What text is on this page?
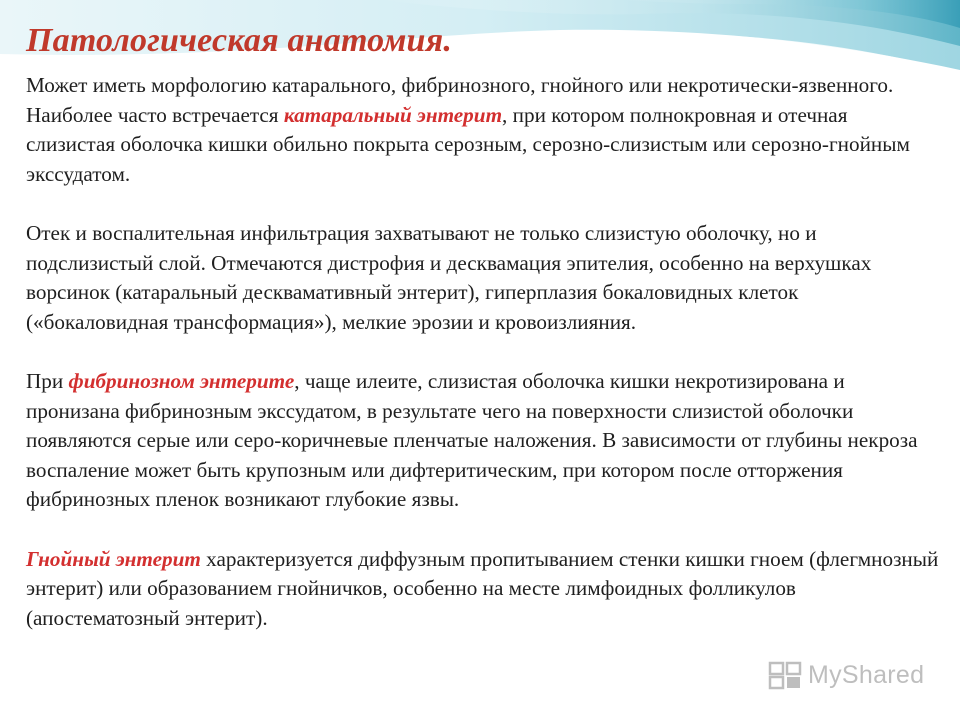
Патологическая анатомия.

Может иметь морфологию катарального, фибринозного, гнойного или некротически-язвенного. Наиболее часто встречается катаральный энтерит, при котором полнокровная и отечная слизистая оболочка кишки обильно покрыта серозным, серозно-слизистым или серозно-гнойным экссудатом.

Отек и воспалительная инфильтрация захватывают не только слизистую оболочку, но и подслизистый слой. Отмечаются дистрофия и десквамация эпителия, особенно на верхушках ворсинок (катаральный десквамативный энтерит), гиперплазия бокаловидных клеток («бокаловидная трансформация»), мелкие эрозии и кровоизлияния.

При фибринозном энтерите, чаще илеите, слизистая оболочка кишки некротизирована и пронизана фибринозным экссудатом, в результате чего на поверхности слизистой оболочки появляются серые или серо-коричневые пленчатые наложения. В зависимости от глубины некроза воспаление может быть крупозным или дифтеритическим, при котором после отторжения фибринозных пленок возникают глубокие язвы.

Гнойный энтерит характеризуется диффузным пропитыванием стенки кишки гноем (флегмнозный энтерит) или образованием гнойничков, особенно на месте лимфоидных фолликулов (апостематозный энтерит).

MyShared
